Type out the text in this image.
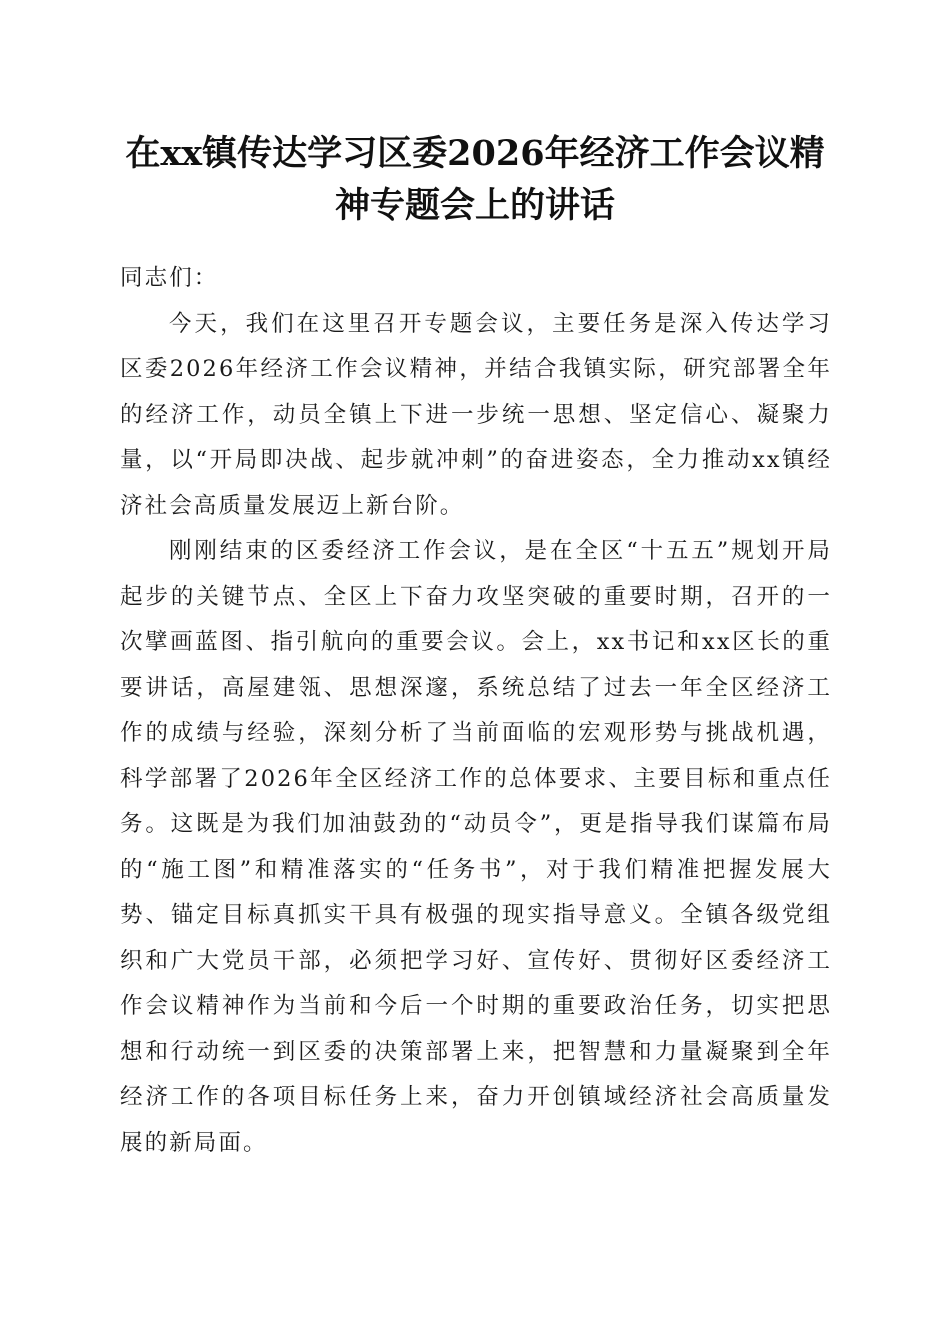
在xx镇传达学习区委2026年经济工作会议精神专题会上的讲话

同志们：

今天，我们在这里召开专题会议，主要任务是深入传达学习区委2026年经济工作会议精神，并结合我镇实际，研究部署全年的经济工作，动员全镇上下进一步统一思想、坚定信心、凝聚力量，以“开局即决战、起步就冲刺”的奋进姿态，全力推动xx镇经济社会高质量发展迈上新台阶。

刚刚结束的区委经济工作会议，是在全区“十五五”规划开局起步的关键节点、全区上下奋力攻坚突破的重要时期，召开的一次擘画蓝图、指引航向的重要会议。会上，xx书记和xx区长的重要讲话，高屋建瓴、思想深邃，系统总结了过去一年全区经济工作的成绩与经验，深刻分析了当前面临的宏观形势与挑战机遇，科学部署了2026年全区经济工作的总体要求、主要目标和重点任务。这既是为我们加油鼓劲的“动员令”，更是指导我们谋篇布局的“施工图”和精准落实的“任务书”，对于我们精准把握发展大势、锚定目标真抓实干具有极强的现实指导意义。全镇各级党组织和广大党员干部，必须把学习好、宣传好、贯彻好区委经济工作会议精神作为当前和今后一个时期的重要政治任务，切实把思想和行动统一到区委的决策部署上来，把智慧和力量凝聚到全年经济工作的各项目标任务上来，奋力开创镇域经济社会高质量发展的新局面。
